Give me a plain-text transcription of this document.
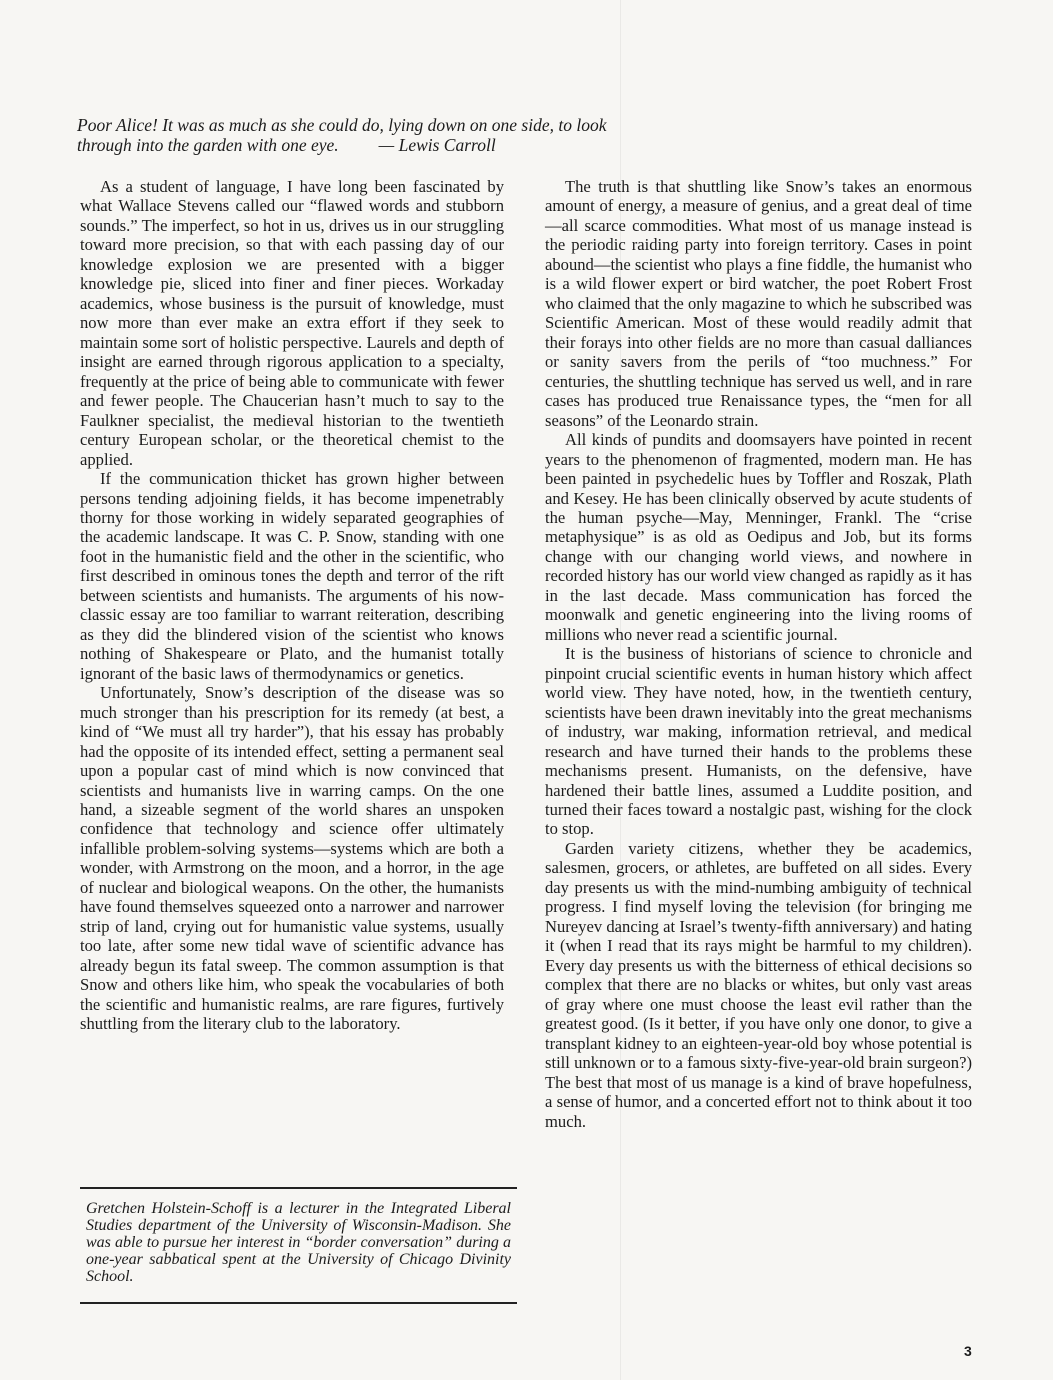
Poor Alice! It was as much as she could do, lying down on one side, to look
through into the garden with one eye. — Lewis Carroll

As a student of language, I have long been fascinated by what Wallace Stevens called our “flawed words and stubborn sounds.” The imperfect, so hot in us, drives us in our struggling toward more precision, so that with each passing day of our knowledge explosion we are presented with a bigger knowledge pie, sliced into finer and finer pieces. Workaday academics, whose business is the pursuit of knowledge, must now more than ever make an extra effort if they seek to maintain some sort of holistic perspective. Laurels and depth of insight are earned through rigorous application to a specialty, frequently at the price of being able to communicate with fewer and fewer people. The Chaucerian hasn’t much to say to the Faulkner specialist, the medieval historian to the twentieth century European scholar, or the theoretical chemist to the applied.

If the communication thicket has grown higher between persons tending adjoining fields, it has become impenetrably thorny for those working in widely separated geographies of the academic landscape. It was C. P. Snow, standing with one foot in the humanistic field and the other in the scientific, who first described in ominous tones the depth and terror of the rift between scientists and humanists. The arguments of his now-classic essay are too familiar to warrant reiteration, describing as they did the blindered vision of the scientist who knows nothing of Shakespeare or Plato, and the humanist totally ignorant of the basic laws of thermodynamics or genetics.

Unfortunately, Snow’s description of the disease was so much stronger than his prescription for its remedy (at best, a kind of “We must all try harder”), that his essay has probably had the opposite of its intended effect, setting a permanent seal upon a popular cast of mind which is now convinced that scientists and humanists live in warring camps. On the one hand, a sizeable segment of the world shares an unspoken confidence that technology and science offer ultimately infallible problem-solving systems—systems which are both a wonder, with Armstrong on the moon, and a horror, in the age of nuclear and biological weapons. On the other, the humanists have found themselves squeezed onto a narrower and narrower strip of land, crying out for humanistic value systems, usually too late, after some new tidal wave of scientific advance has already begun its fatal sweep. The common assumption is that Snow and others like him, who speak the vocabularies of both the scientific and humanistic realms, are rare figures, furtively shuttling from the literary club to the laboratory.

Gretchen Holstein-Schoff is a lecturer in the Integrated Liberal Studies department of the University of Wisconsin-Madison. She was able to pursue her interest in “border conversation” during a one-year sabbatical spent at the University of Chicago Divinity School.

The truth is that shuttling like Snow’s takes an enormous amount of energy, a measure of genius, and a great deal of time—all scarce commodities. What most of us manage instead is the periodic raiding party into foreign territory. Cases in point abound—the scientist who plays a fine fiddle, the humanist who is a wild flower expert or bird watcher, the poet Robert Frost who claimed that the only magazine to which he subscribed was Scientific American. Most of these would readily admit that their forays into other fields are no more than casual dalliances or sanity savers from the perils of “too muchness.” For centuries, the shuttling technique has served us well, and in rare cases has produced true Renaissance types, the “men for all seasons” of the Leonardo strain.

All kinds of pundits and doomsayers have pointed in recent years to the phenomenon of fragmented, modern man. He has been painted in psychedelic hues by Toffler and Roszak, Plath and Kesey. He has been clinically observed by acute students of the human psyche—May, Menninger, Frankl. The “crise metaphysique” is as old as Oedipus and Job, but its forms change with our changing world views, and nowhere in recorded history has our world view changed as rapidly as it has in the last decade. Mass communication has forced the moonwalk and genetic engineering into the living rooms of millions who never read a scientific journal.

It is the business of historians of science to chronicle and pinpoint crucial scientific events in human history which affect world view. They have noted, how, in the twentieth century, scientists have been drawn inevitably into the great mechanisms of industry, war making, information retrieval, and medical research and have turned their hands to the problems these mechanisms present. Humanists, on the defensive, have hardened their battle lines, assumed a Luddite position, and turned their faces toward a nostalgic past, wishing for the clock to stop.

Garden variety citizens, whether they be academics, salesmen, grocers, or athletes, are buffeted on all sides. Every day presents us with the mind-numbing ambiguity of technical progress. I find myself loving the television (for bringing me Nureyev dancing at Israel’s twenty-fifth anniversary) and hating it (when I read that its rays might be harmful to my children). Every day presents us with the bitterness of ethical decisions so complex that there are no blacks or whites, but only vast areas of gray where one must choose the least evil rather than the greatest good. (Is it better, if you have only one donor, to give a transplant kidney to an eighteen-year-old boy whose potential is still unknown or to a famous sixty-five-year-old brain surgeon?) The best that most of us manage is a kind of brave hopefulness, a sense of humor, and a concerted effort not to think about it too much.

3
